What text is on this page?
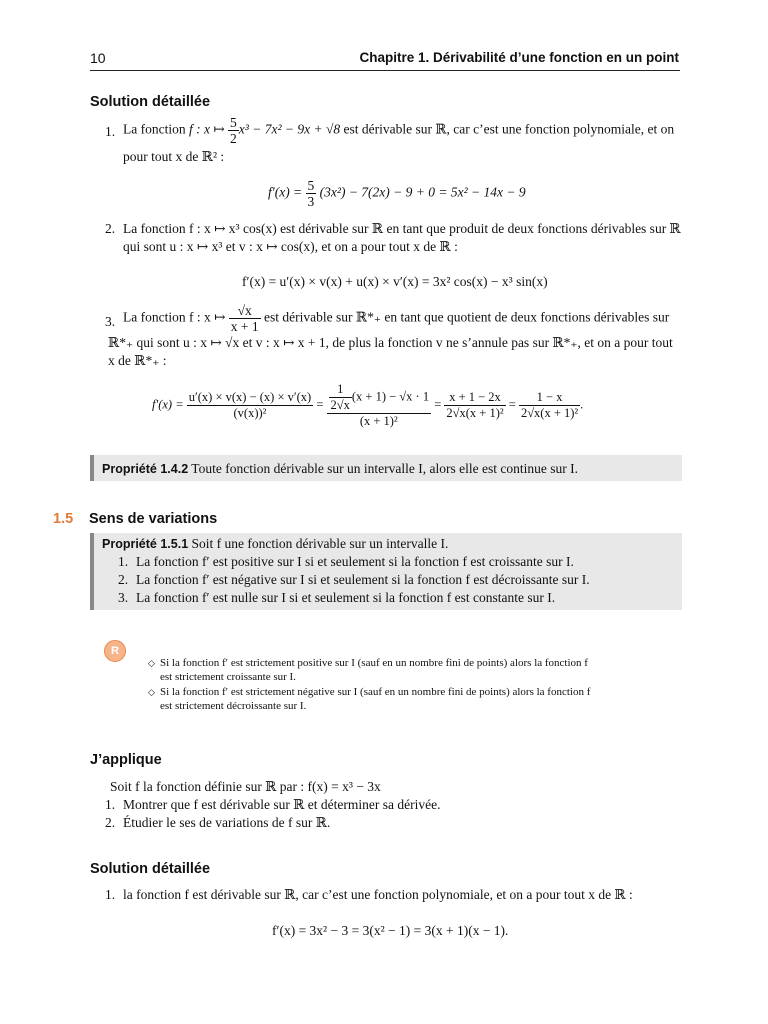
10	Chapitre 1. Dérivabilité d’une fonction en un point
Solution détaillée
1. La fonction f : x ↦ $\frac{5}{2} x^3 - 7x^2 - 9x + √8$ est dérivable sur ℝ, car c’est une fonction polynomiale, et on
pour tout x de ℝ² :
$f'(x) = \frac{5}{3} (3x^2) - 7(2x) - 9 + 0 = 5x^2 - 14x - 9$
2. La fonction f : x ↦ x³ cos(x) est dérivable sur ℝ en tant que produit de deux fonctions dérivables sur ℝ
qui sont u : x ↦ x³ et v : x ↦ cos(x), et on a pour tout x de ℝ :
f′(x) = u′(x) × v(x) + u(x) × v′(x) = 3x² cos(x) − x³ sin(x)
3. La fonction f : x ↦ $\frac{√x}{x + 1}$ est dérivable sur ℝ*₊ en tant que quotient de deux fonctions dérivables sur
ℝ*₊ qui sont u : x ↦ √x et v : x ↦ x + 1, de plus la fonction v ne s’annule pas sur ℝ*₊, et on a pour tout
x de ℝ*₊ :
$f'(x) = \frac{u'(x) \times v(x) - (x) \times v'(x)}{\text{(v(x))²}} = \frac{\frac{1}{2√x} (x + 1) - √x \cdot 1}{\text{(x + 1)²}} = \frac{x + 1 - 2x}{\text{2√x(x + 1)²}} = \frac{1 - x}{\text{2√x(x + 1)²}}$ .
Propriété 1.4.2 Toute fonction dérivable sur un intervalle I, alors elle est continue sur I.
1.5 Sens de variations
Propriété 1.5.1 Soit f une fonction dérivable sur un intervalle I.
1. La fonction f′ est positive sur I si et seulement si la fonction f est croissante sur I.
2. La fonction f′ est négative sur I si et seulement si la fonction f est décroissante sur I.
3. La fonction f′ est nulle sur I si et seulement si la fonction f est constante sur I.
R
◇ Si la fonction f′ est strictement positive sur I (sauf en un nombre fini de points) alors la fonction f
est strictement croissante sur I.
◇ Si la fonction f′ est strictement négative sur I (sauf en un nombre fini de points) alors la fonction f
est strictement décroissante sur I.
J’applique
Soit f la fonction définie sur ℝ par : f(x) = x³ − 3x
1. Montrer que f est dérivable sur ℝ et déterminer sa dérivée.
2. Étudier le ses de variations de f sur ℝ.
Solution détaillée
1. la fonction f est dérivable sur ℝ, car c’est une fonction polynomiale, et on a pour tout x de ℝ :
f′(x) = 3x² − 3 = 3(x² − 1) = 3(x + 1)(x − 1).
